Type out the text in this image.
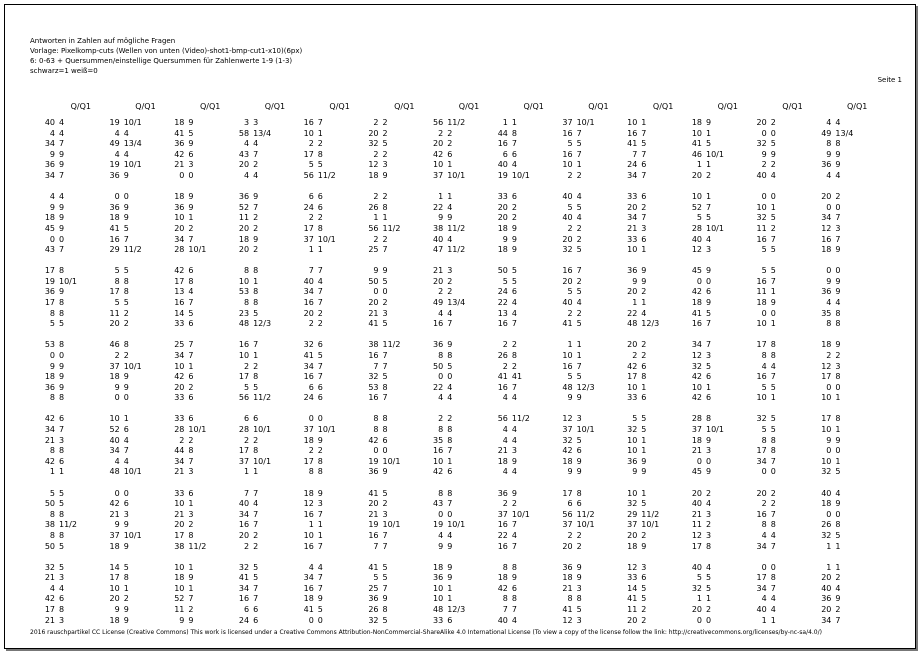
Antworten in Zahlen auf mögliche Fragen
Vorlage: Pixelkomp-cuts (Wellen von unten (Video)-shot1-bmp-cut1-x10)(6px)
6: 0-63 + Quersummen/einstellige Quersummen für Zahlenwerte 1-9 (1-3)
schwarz=1 weiß=0
Seite 1
Q/Q1
40 4
4 4
34 7
9 9
36 9
34 7
4 4
9 9
18 9
45 9
0 0
43 7
17 8
19 10/1
36 9
17 8
8 8
5 5
53 8
0 0
9 9
18 9
36 9
8 8
42 6
34 7
21 3
8 8
42 6
1 1
5 5
50 5
8 8
38 11/2
8 8
50 5
32 5
21 3
4 4
42 6
17 8
21 3
Q/Q1
19 10/1
4 4
49 13/4
4 4
19 10/1
36 9
0 0
36 9
18 9
41 5
16 7
29 11/2
5 5
8 8
17 8
5 5
11 2
20 2
46 8
2 2
37 10/1
18 9
9 9
0 0
10 1
52 6
40 4
34 7
4 4
48 10/1
0 0
42 6
21 3
9 9
37 10/1
18 9
14 5
17 8
10 1
20 2
9 9
18 9
Q/Q1
18 9
41 5
36 9
42 6
21 3
0 0
18 9
36 9
10 1
20 2
34 7
28 10/1
42 6
17 8
13 4
16 7
14 5
33 6
25 7
34 7
10 1
42 6
20 2
33 6
33 6
28 10/1
2 2
44 8
34 7
21 3
33 6
10 1
21 3
20 2
17 8
38 11/2
10 1
18 9
10 1
52 7
11 2
9 9
Q/Q1
3 3
58 13/4
4 4
43 7
20 2
4 4
36 9
52 7
11 2
20 2
18 9
20 2
8 8
10 1
53 8
8 8
23 5
48 12/3
16 7
10 1
2 2
17 8
5 5
56 11/2
6 6
28 10/1
2 2
17 8
37 10/1
1 1
7 7
40 4
34 7
16 7
20 2
2 2
32 5
41 5
34 7
16 7
6 6
24 6
Q/Q1
16 7
10 1
2 2
17 8
5 5
56 11/2
6 6
24 6
2 2
17 8
37 10/1
1 1
7 7
40 4
34 7
16 7
20 2
2 2
32 6
41 5
34 7
16 7
6 6
24 6
0 0
37 10/1
18 9
2 2
17 8
8 8
18 9
12 3
16 7
1 1
10 1
16 7
4 4
34 7
16 7
18 9
41 5
0 0
Q/Q1
2 2
20 2
32 5
2 2
12 3
18 9
2 2
26 8
1 1
56 11/2
2 2
25 7
9 9
50 5
0 0
20 2
21 3
41 5
38 11/2
16 7
7 7
32 5
53 8
16 7
8 8
8 8
42 6
0 0
19 10/1
36 9
41 5
20 2
21 3
19 10/1
16 7
7 7
41 5
5 5
25 7
36 9
26 8
32 5
Q/Q1
56 11/2
2 2
20 2
42 6
10 1
37 10/1
1 1
22 4
9 9
38 11/2
40 4
47 11/2
21 3
20 2
2 2
49 13/4
4 4
16 7
36 9
8 8
50 5
0 0
22 4
4 4
2 2
8 8
35 8
16 7
10 1
42 6
8 8
43 7
0 0
19 10/1
4 4
9 9
18 9
36 9
10 1
10 1
48 12/3
33 6
Q/Q1
1 1
44 8
16 7
6 6
40 4
19 10/1
33 6
20 2
20 2
18 9
9 9
18 9
50 5
5 5
24 6
22 4
13 4
16 7
2 2
26 8
2 2
41 41
16 7
4 4
56 11/2
4 4
4 4
21 3
18 9
4 4
36 9
2 2
37 10/1
16 7
22 4
16 7
8 8
18 9
42 6
8 8
7 7
40 4
Q/Q1
37 10/1
16 7
5 5
16 7
10 1
2 2
40 4
5 5
40 4
2 2
20 2
32 5
16 7
20 2
5 5
40 4
2 2
41 5
1 1
10 1
16 7
5 5
48 12/3
9 9
12 3
37 10/1
32 5
42 6
18 9
9 9
17 8
6 6
56 11/2
37 10/1
2 2
20 2
36 9
18 9
21 3
8 8
41 5
12 3
Q/Q1
10 1
16 7
41 5
7 7
24 6
34 7
33 6
20 2
34 7
21 3
33 6
10 1
36 9
9 9
20 2
1 1
22 4
48 12/3
20 2
2 2
42 6
17 8
10 1
33 6
5 5
32 5
10 1
10 1
36 9
9 9
10 1
32 5
29 11/2
37 10/1
20 2
18 9
12 3
33 6
14 5
41 5
11 2
20 2
Q/Q1
18 9
10 1
41 5
46 10/1
1 1
20 2
10 1
52 7
5 5
28 10/1
40 4
12 3
45 9
0 0
42 6
18 9
41 5
16 7
34 7
12 3
32 5
42 6
10 1
42 6
28 8
37 10/1
18 9
21 3
0 0
45 9
20 2
40 4
21 3
11 2
12 3
17 8
40 4
5 5
32 5
1 1
20 2
0 0
Q/Q1
20 2
0 0
32 5
9 9
2 2
40 4
0 0
10 1
32 5
11 2
16 7
5 5
5 5
16 7
11 1
18 9
0 0
10 1
17 8
8 8
4 4
16 7
5 5
10 1
32 5
5 5
8 8
17 8
34 7
0 0
20 2
2 2
16 7
8 8
4 4
34 7
0 0
17 8
34 7
4 4
40 4
1 1
Q/Q1
4 4
49 13/4
8 8
9 9
36 9
4 4
20 2
0 0
34 7
12 3
16 7
18 9
0 0
9 9
36 9
4 4
35 8
8 8
18 9
2 2
12 3
17 8
0 0
10 1
17 8
10 1
9 9
0 0
10 1
32 5
40 4
18 9
0 0
26 8
32 5
1 1
1 1
20 2
40 4
36 9
20 2
34 7
2016 rauschpartikel CC License (Creative Commons) This work is licensed under a Creative Commons Attribution-NonCommercial-ShareAlike 4.0 International License (To view a copy of the license follow the link: http://creativecommons.org/licenses/by-nc-sa/4.0/)
